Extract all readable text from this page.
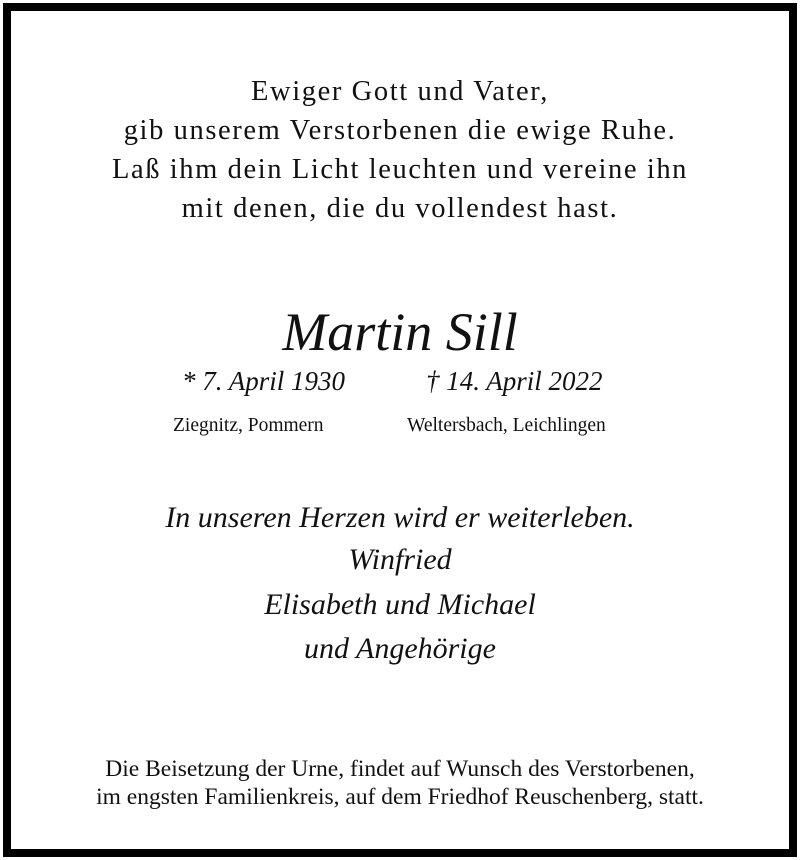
Ewiger Gott und Vater,
gib unserem Verstorbenen die ewige Ruhe.
Laß ihm dein Licht leuchten und vereine ihn
mit denen, die du vollendest hast.
Martin Sill
* 7. April 1930	† 14. April 2022
Ziegnitz, Pommern	Weltersbach, Leichlingen
In unseren Herzen wird er weiterleben.
Winfried
Elisabeth und Michael
und Angehörige
Die Beisetzung der Urne, findet auf Wunsch des Verstorbenen,
im engsten Familienkreis, auf dem Friedhof Reuschenberg, statt.
